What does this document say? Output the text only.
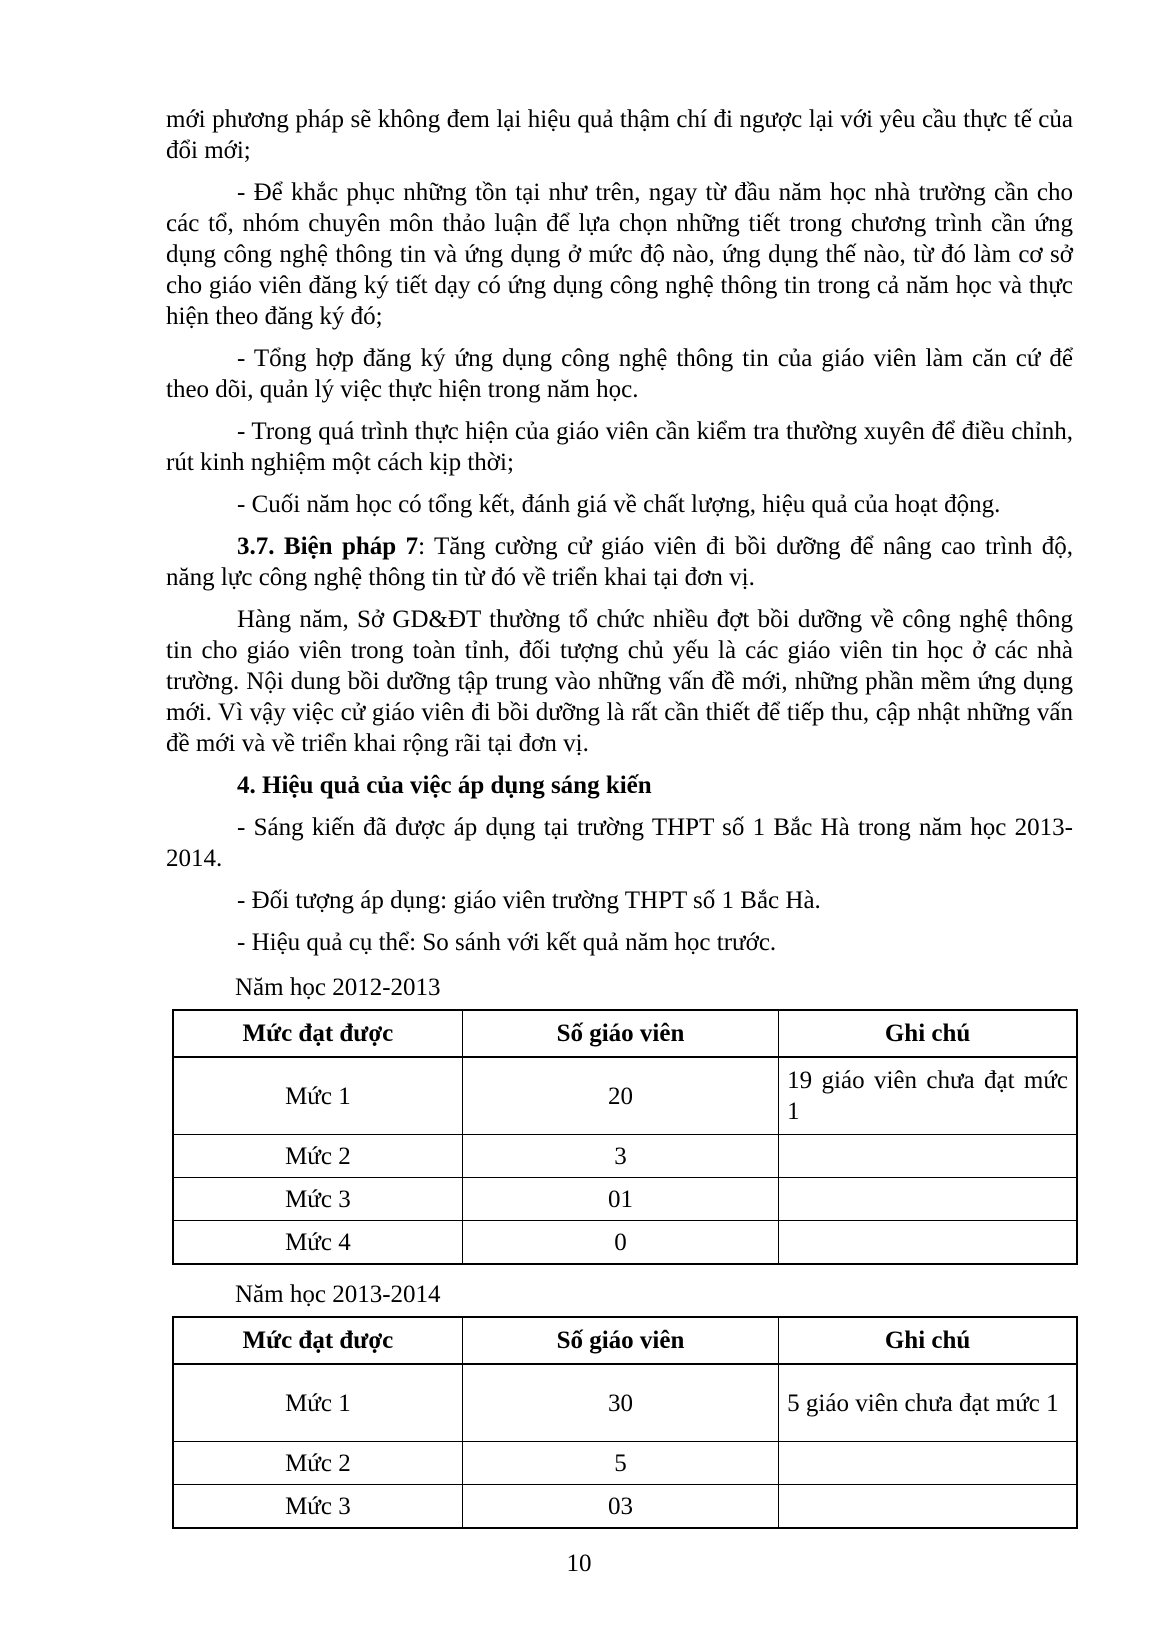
mới phương pháp sẽ không đem lại hiệu quả thậm chí đi ngược lại với yêu cầu thực tế của đổi mới;

- Để khắc phục những tồn tại như trên, ngay từ đầu năm học nhà trường cần cho các tổ, nhóm chuyên môn thảo luận để lựa chọn những tiết trong chương trình cần ứng dụng công nghệ thông tin và ứng dụng ở mức độ nào, ứng dụng thế nào, từ đó làm cơ sở cho giáo viên đăng ký tiết dạy có ứng dụng công nghệ thông tin trong cả năm học và thực hiện theo đăng ký đó;

- Tổng hợp đăng ký ứng dụng công nghệ thông tin của giáo viên làm căn cứ để theo dõi, quản lý việc thực hiện trong năm học.

- Trong quá trình thực hiện của giáo viên cần kiểm tra thường xuyên để điều chỉnh, rút kinh nghiệm một cách kịp thời;

- Cuối năm học có tổng kết, đánh giá về chất lượng, hiệu quả của hoạt động.

3.7. Biện pháp 7: Tăng cường cử giáo viên đi bồi dưỡng để nâng cao trình độ, năng lực công nghệ thông tin từ đó về triển khai tại đơn vị.

Hàng năm, Sở GD&ĐT thường tổ chức nhiều đợt bồi dưỡng về công nghệ thông tin cho giáo viên trong toàn tỉnh, đối tượng chủ yếu là các giáo viên tin học ở các nhà trường. Nội dung bồi dưỡng tập trung vào những vấn đề mới, những phần mềm ứng dụng mới. Vì vậy việc cử giáo viên đi bồi dưỡng là rất cần thiết để tiếp thu, cập nhật những vấn đề mới và về triển khai rộng rãi tại đơn vị.

4. Hiệu quả của việc áp dụng sáng kiến

- Sáng kiến đã được áp dụng tại trường THPT số 1 Bắc Hà trong năm học 2013-2014.

- Đối tượng áp dụng: giáo viên trường THPT số 1 Bắc Hà.

- Hiệu quả cụ thể: So sánh với kết quả năm học trước.

Năm học 2012-2013

Mức đạt được	Số giáo viên	Ghi chú
Mức 1	20	19 giáo viên chưa đạt mức 1
Mức 2	3	
Mức 3	01	
Mức 4	0	

Năm học 2013-2014

Mức đạt được	Số giáo viên	Ghi chú
Mức 1	30	5 giáo viên chưa đạt mức 1
Mức 2	5	
Mức 3	03	
10
